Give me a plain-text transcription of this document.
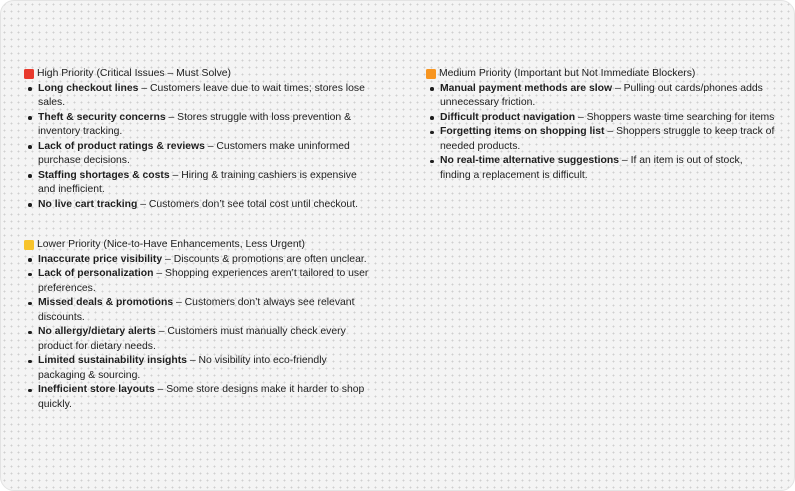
High Priority (Critical Issues – Must Solve)
Long checkout lines – Customers leave due to wait times; stores lose sales.
Theft & security concerns – Stores struggle with loss prevention & inventory tracking.
Lack of product ratings & reviews – Customers make uninformed purchase decisions.
Staffing shortages & costs – Hiring & training cashiers is expensive and inefficient.
No live cart tracking – Customers don’t see total cost until checkout.
Medium Priority (Important but Not Immediate Blockers)
Manual payment methods are slow – Pulling out cards/phones adds unnecessary friction.
Difficult product navigation – Shoppers waste time searching for items
Forgetting items on shopping list – Shoppers struggle to keep track of needed products.
No real-time alternative suggestions – If an item is out of stock, finding a replacement is difficult.
Lower Priority (Nice-to-Have Enhancements, Less Urgent)
Inaccurate price visibility – Discounts & promotions are often unclear.
Lack of personalization – Shopping experiences aren’t tailored to user preferences.
Missed deals & promotions – Customers don’t always see relevant discounts.
No allergy/dietary alerts – Customers must manually check every product for dietary needs.
Limited sustainability insights – No visibility into eco-friendly packaging & sourcing.
Inefficient store layouts – Some store designs make it harder to shop quickly.
